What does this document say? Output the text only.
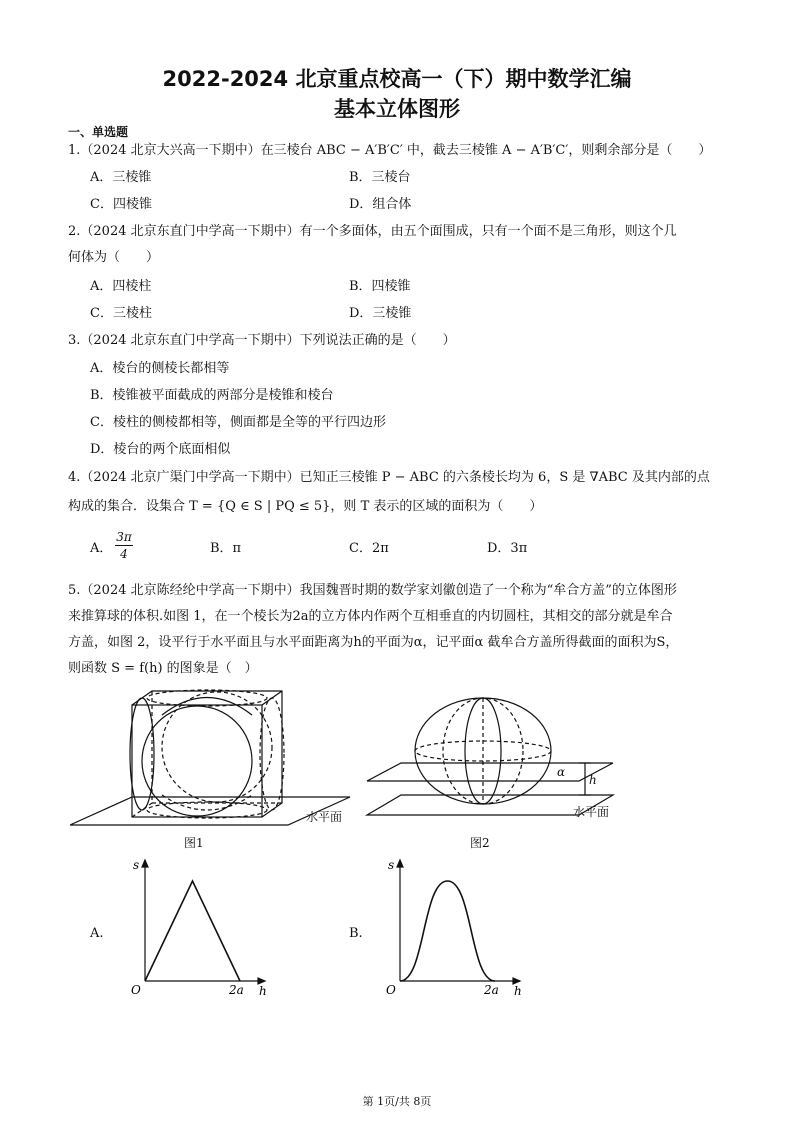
2022-2024 北京重点校高一（下）期中数学汇编
基本立体图形
一、单选题
1.（2024 北京大兴高一下期中）在三棱台 ABC − A′B′C′ 中，截去三棱锥 A − A′B′C′，则剩余部分是（　　）
A．三棱锥	B．三棱台
C．四棱锥	D．组合体
2.（2024 北京东直门中学高一下期中）有一个多面体，由五个面围成，只有一个面不是三角形，则这个几
何体为（　　）
A．四棱柱	B．四棱锥
C．三棱柱	D．三棱锥
3.（2024 北京东直门中学高一下期中）下列说法正确的是（　　）
A．棱台的侧棱长都相等
B．棱锥被平面截成的两部分是棱锥和棱台
C．棱柱的侧棱都相等，侧面都是全等的平行四边形
D．棱台的两个底面相似
4.（2024 北京广渠门中学高一下期中）已知正三棱锥 P − ABC 的六条棱长均为 6，S 是 ∇ABC 及其内部的点
构成的集合．设集合 T = {Q ∈ S | PQ ≤ 5}，则 T 表示的区域的面积为（　　）
A．
3π
4	B．π	C．2π	D．3π
5.（2024 北京陈经纶中学高一下期中）我国魏晋时期的数学家刘徽创造了一个称为“牟合方盖”的立体图形
来推算球的体积.如图 1，在一个棱长为2a的立方体内作两个互相垂直的内切圆柱，其相交的部分就是牟合
方盖，如图 2，设平行于水平面且与水平面距离为h的平面为α，记平面α 截牟合方盖所得截面的面积为S，
则函数 S = f(h) 的图象是（　）
水平面
图1
α
h
水平面
图2
A.
s
h
O	2a
B.
s
h
O	2a
第 1页/共 8页
